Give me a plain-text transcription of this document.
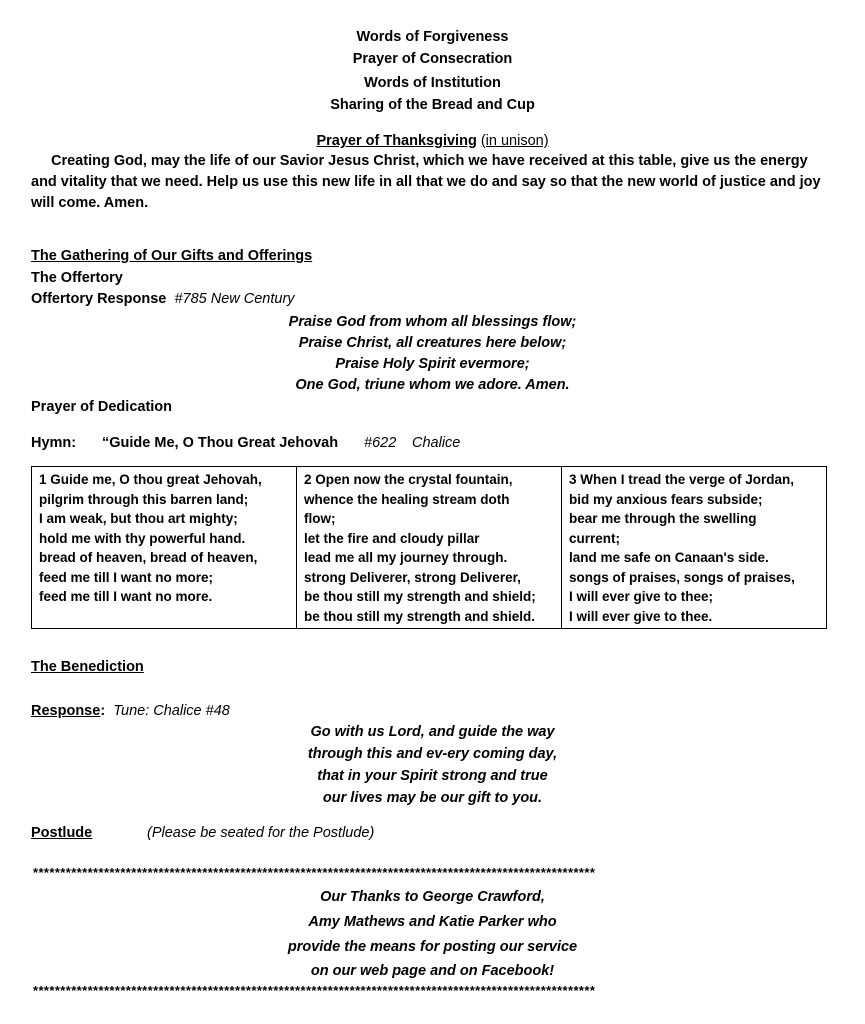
Words of Forgiveness
Prayer of Consecration
Words of Institution
Sharing of the Bread and Cup
Prayer of Thanksgiving (in unison)
Creating God, may the life of our Savior Jesus Christ, which we have received at this table, give us the energy and vitality that we need. Help us use this new life in all that we do and say so that the new world of justice and joy will come. Amen.
The Gathering of Our Gifts and Offerings
The Offertory
Offertory Response #785 New Century
Praise God from whom all blessings flow;
Praise Christ, all creatures here below;
Praise Holy Spirit evermore;
One God, triune whom we adore. Amen.
Prayer of Dedication
Hymn: “Guide Me, O Thou Great Jehovah #622 Chalice
1 Guide me, O thou great Jehovah,
pilgrim through this barren land;
I am weak, but thou art mighty;
hold me with thy powerful hand.
bread of heaven, bread of heaven,
feed me till I want no more;
feed me till I want no more.

2 Open now the crystal fountain,
whence the healing stream doth
flow;
let the fire and cloudy pillar
lead me all my journey through.
strong Deliverer, strong Deliverer,
be thou still my strength and shield;
be thou still my strength and shield.

3 When I tread the verge of Jordan,
bid my anxious fears subside;
bear me through the swelling
current;
land me safe on Canaan's side.
songs of praises, songs of praises,
I will ever give to thee;
I will ever give to thee.
The Benediction
Response: Tune: Chalice #48
Go with us Lord, and guide the way
through this and ev-ery coming day,
that in your Spirit strong and true
our lives may be our gift to you.
Postlude	(Please be seated for the Postlude)
*******************************************************************************************************
Our Thanks to George Crawford,
Amy Mathews and Katie Parker who
provide the means for posting our service
on our web page and on Facebook!
*******************************************************************************************************
